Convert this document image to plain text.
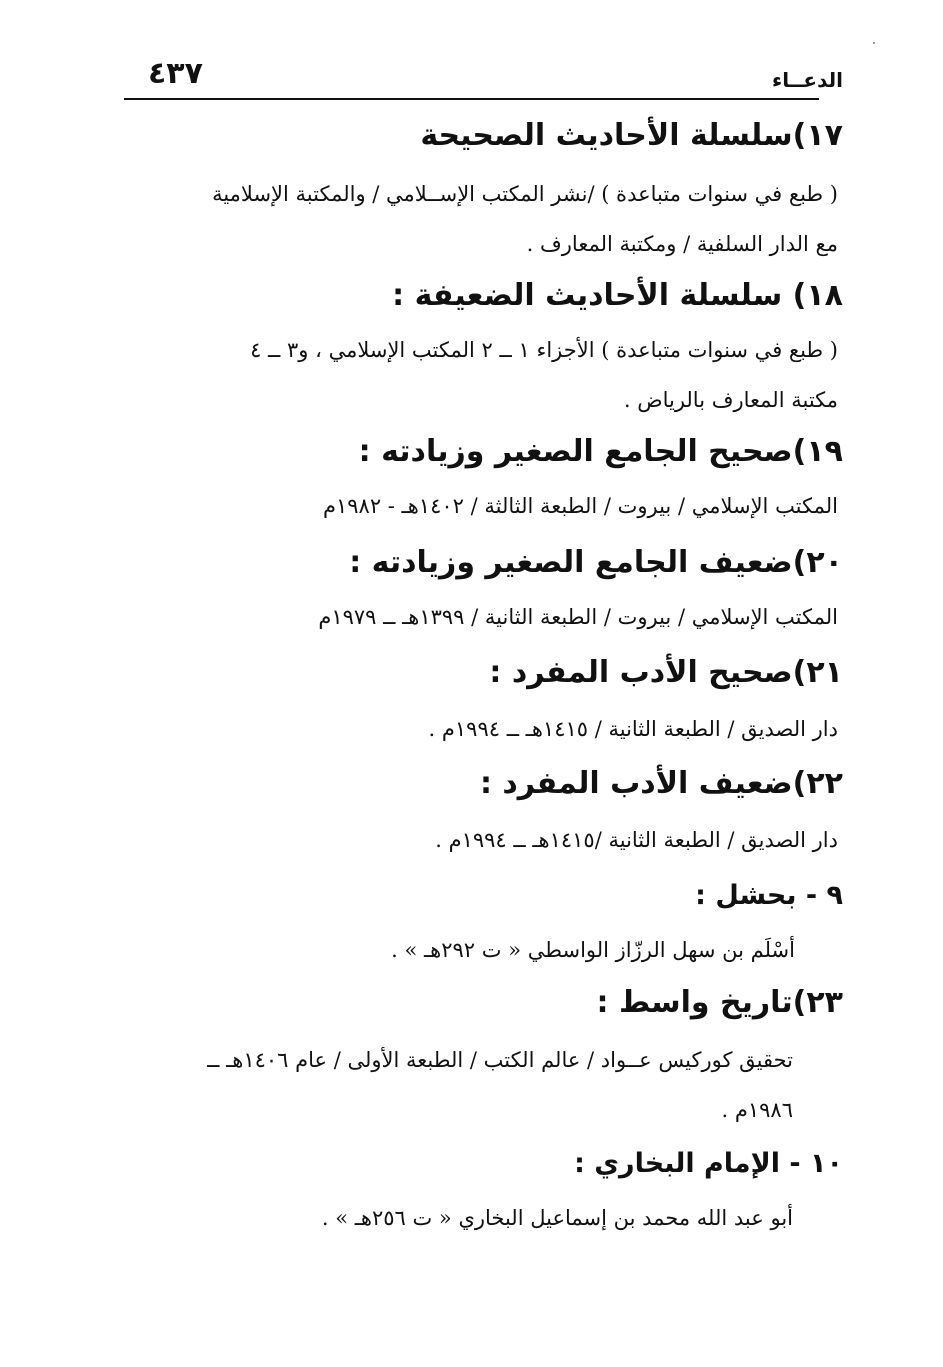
٤٣٧	الدعــاء
١٧)سلسلة الأحاديث الصحيحة
( طبع في سنوات متباعدة ) /نشر المكتب الإســلامي / والمكتبة الإسلامية
مع الدار السلفية / ومكتبة المعارف .
١٨) سلسلة الأحاديث الضعيفة :
( طبع في سنوات متباعدة ) الأجزاء ١ ــ ٢ المكتب الإسلامي ، و٣ ــ ٤
مكتبة المعارف بالرياض .
١٩)صحيح الجامع الصغير وزيادته :
المكتب الإسلامي / بيروت / الطبعة الثالثة / ١٤٠٢هـ - ١٩٨٢م
٢٠)ضعيف الجامع الصغير وزيادته :
المكتب الإسلامي / بيروت / الطبعة الثانية / ١٣٩٩هـ ــ ١٩٧٩م
٢١)صحيح الأدب المفرد :
دار الصديق / الطبعة الثانية / ١٤١٥هـ ــ ١٩٩٤م .
٢٢)ضعيف الأدب المفرد :
دار الصديق / الطبعة الثانية /١٤١٥هـ ــ ١٩٩٤م .
٩ - بحشل :
أسْلَم بن سهل الرزّاز الواسطي « ت ٢٩٢هـ » .
٢٣)تاريخ واسط :
تحقيق كوركيس عــواد / عالم الكتب / الطبعة الأولى / عام ١٤٠٦هـ ــ
١٩٨٦م .
١٠ - الإمام البخاري :
أبو عبد الله محمد بن إسماعيل البخاري « ت ٢٥٦هـ » .
